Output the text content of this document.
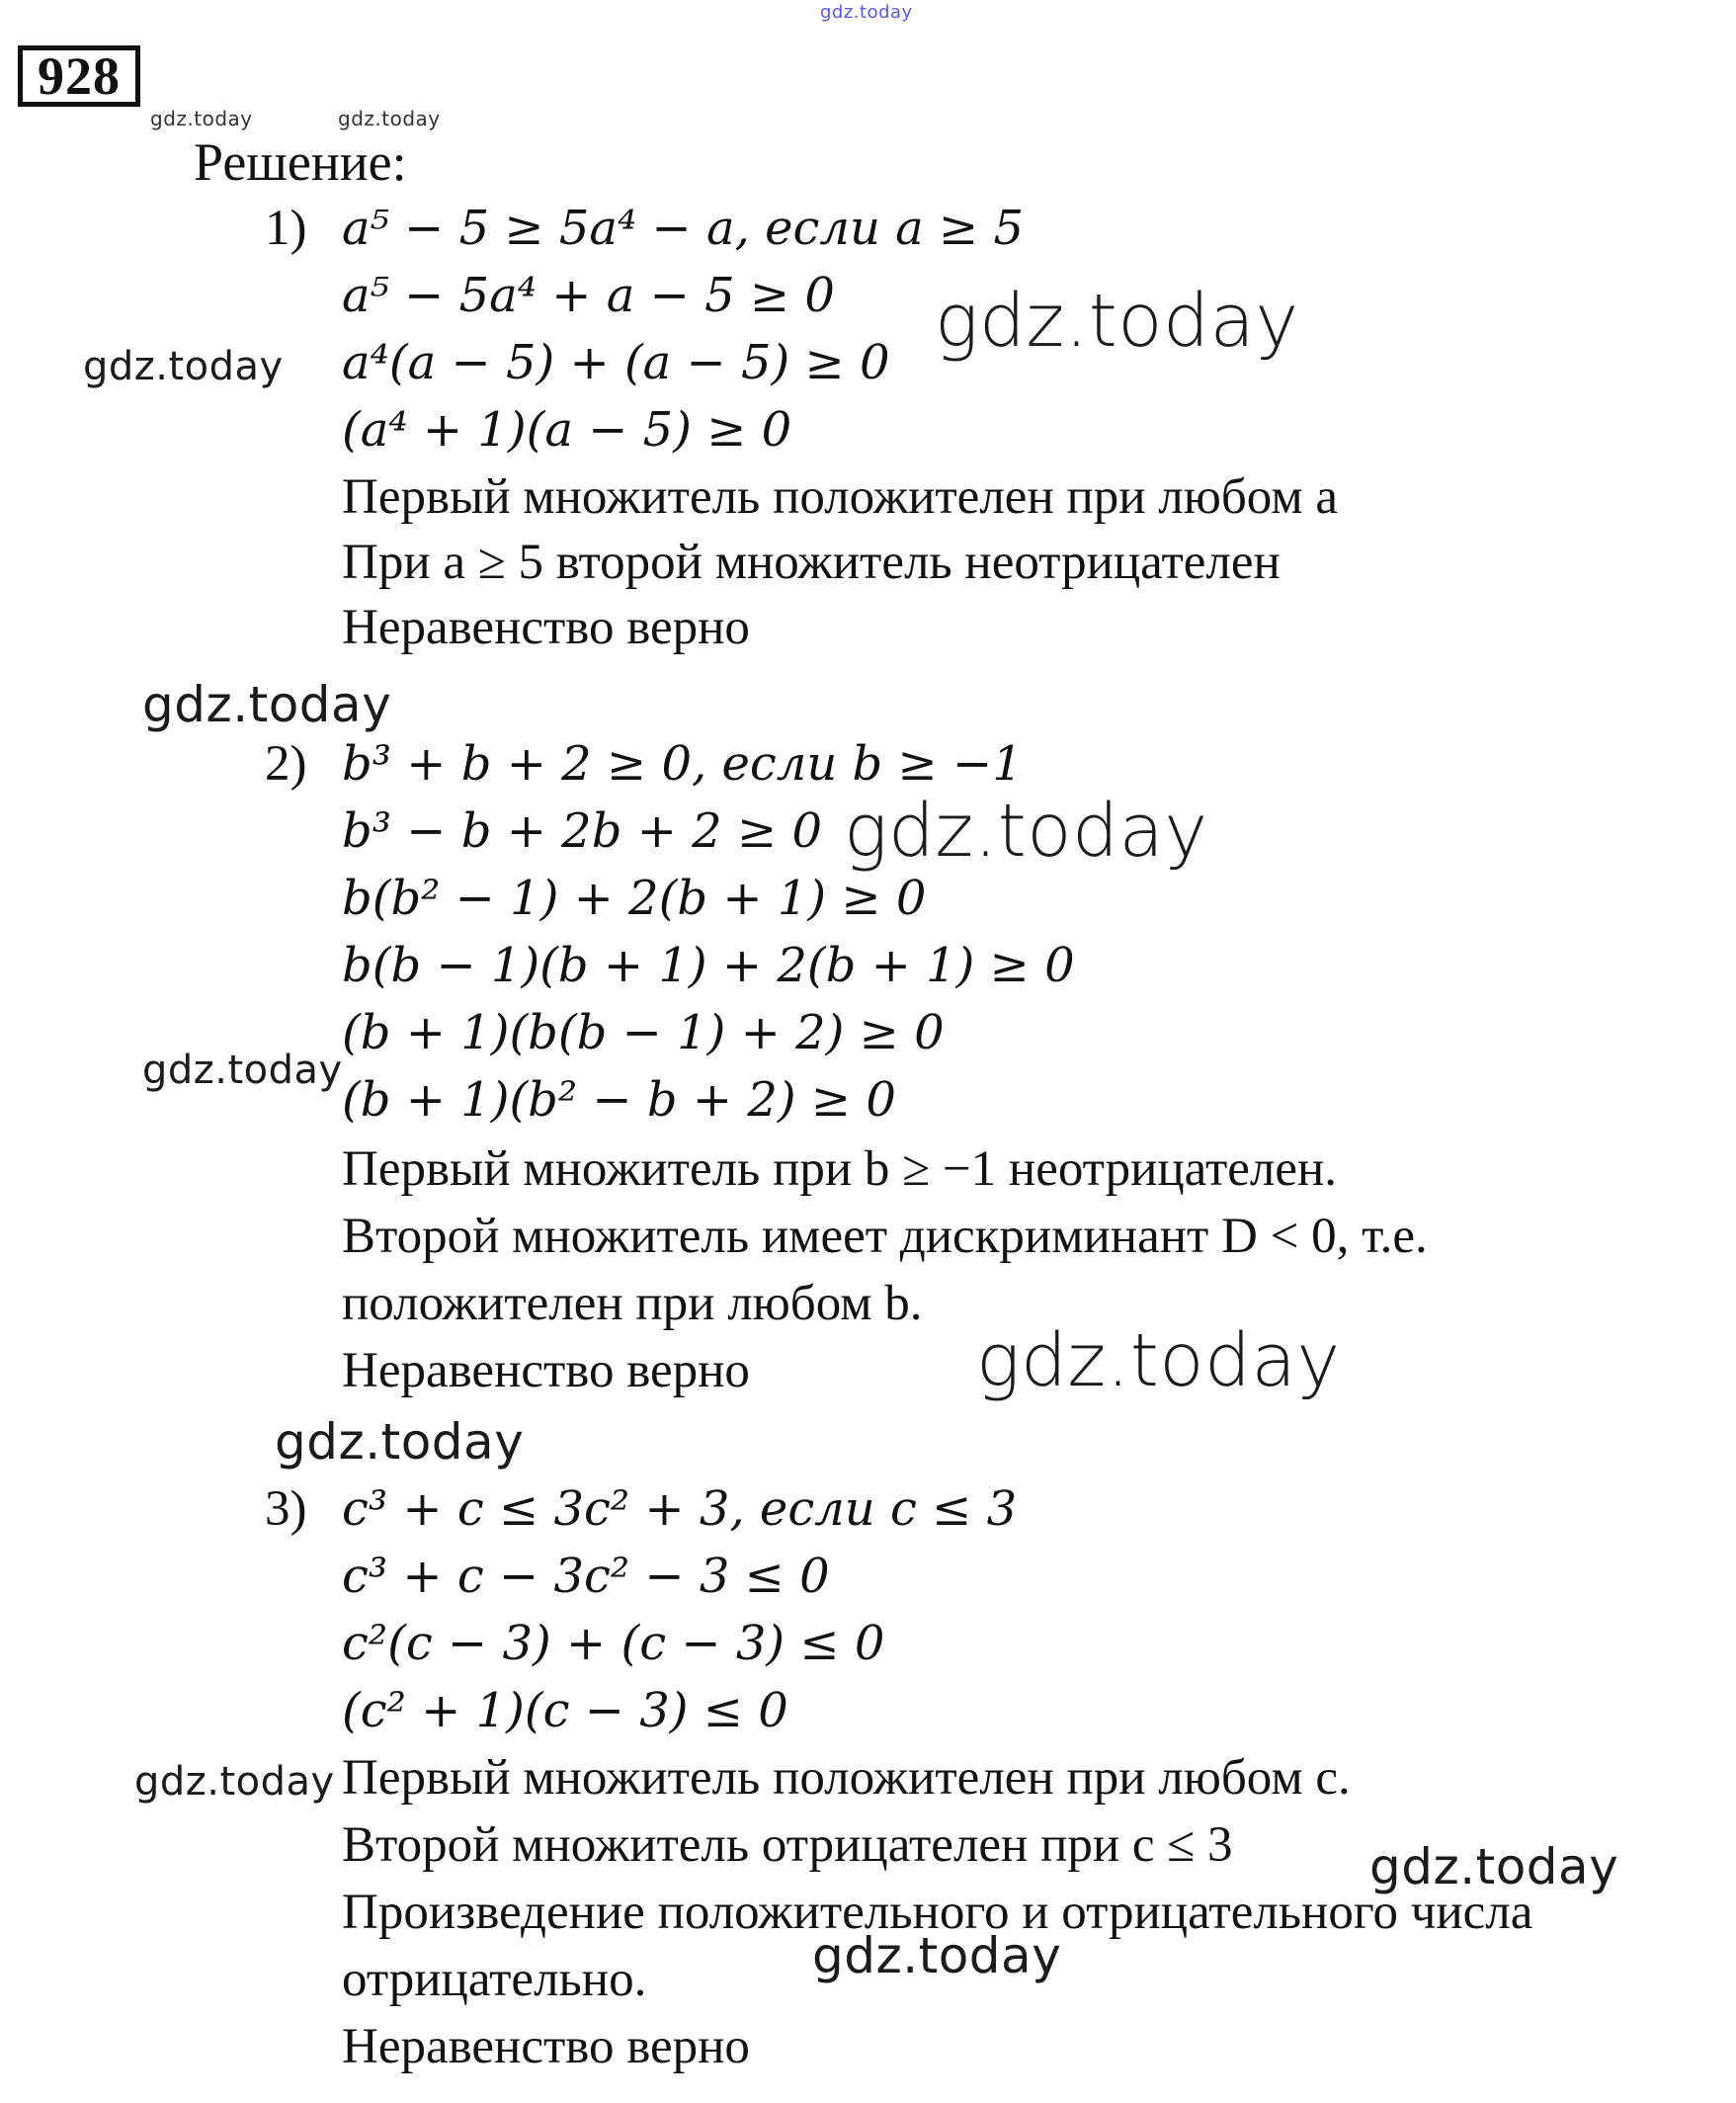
gdz.today
gdz.today	gdz.today
gdz.today
gdz.today
gdz.today
gdz.today
gdz.today
gdz.today
gdz.today
gdz.today
gdz.today
gdz.today
928
Решение:
1) a⁵ − 5 ≥ 5a⁴ − a, если a ≥ 5
a⁵ − 5a⁴ + a − 5 ≥ 0
a⁴(a − 5) + (a − 5) ≥ 0
(a⁴ + 1)(a − 5) ≥ 0
Первый множитель положителен при любом a
При a ≥ 5 второй множитель неотрицателен
Неравенство верно
2) b³ + b + 2 ≥ 0, если b ≥ −1
b³ − b + 2b + 2 ≥ 0
b(b² − 1) + 2(b + 1) ≥ 0
b(b − 1)(b + 1) + 2(b + 1) ≥ 0
(b + 1)(b(b − 1) + 2) ≥ 0
(b + 1)(b² − b + 2) ≥ 0
Первый множитель при b ≥ −1 неотрицателен.
Второй множитель имеет дискриминант D < 0, т.е.
положителен при любом b.
Неравенство верно
3) c³ + c ≤ 3c² + 3, если c ≤ 3
c³ + c − 3c² − 3 ≤ 0
c²(c − 3) + (c − 3) ≤ 0
(c² + 1)(c − 3) ≤ 0
Первый множитель положителен при любом c.
Второй множитель отрицателен при c ≤ 3
Произведение положительного и отрицательного числа
отрицательно.
Неравенство верно
